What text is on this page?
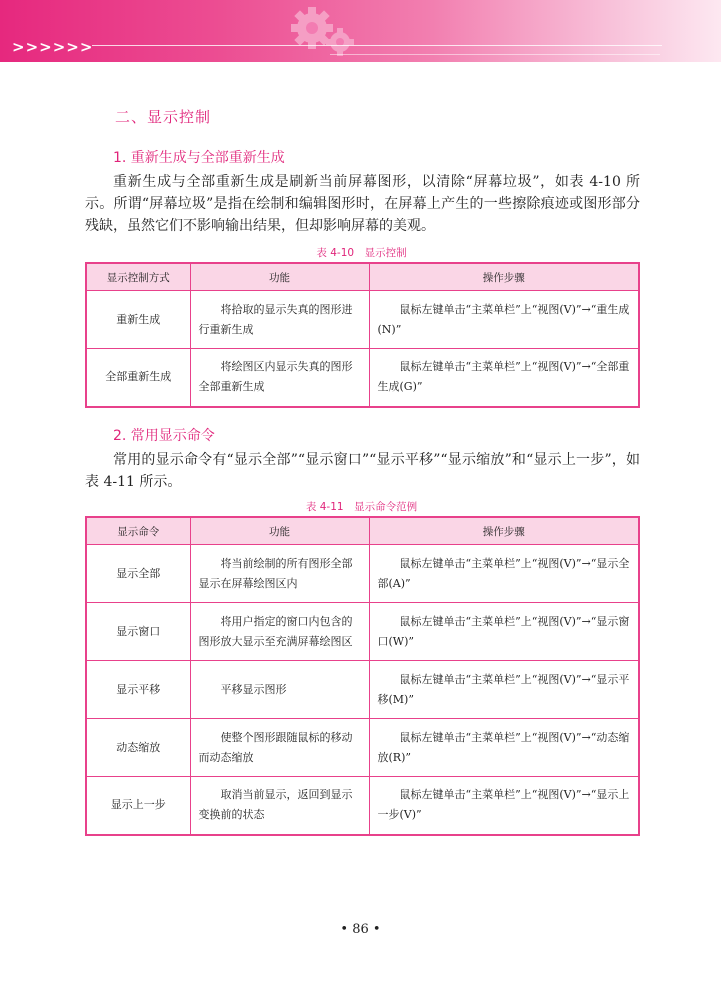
>>>>>>
二、显示控制
1. 重新生成与全部重新生成
重新生成与全部重新生成是刷新当前屏幕图形，以清除“屏幕垃圾”，如表 4-10 所示。所谓“屏幕垃圾”是指在绘制和编辑图形时，在屏幕上产生的一些擦除痕迹或图形部分残缺，虽然它们不影响输出结果，但却影响屏幕的美观。
表 4-10　显示控制
显示控制方式	功能	操作步骤
重新生成	将拾取的显示失真的图形进行重新生成	鼠标左键单击“主菜单栏”上“视图(V)”→“重生成(N)”
全部重新生成	将绘图区内显示失真的图形全部重新生成	鼠标左键单击“主菜单栏”上“视图(V)”→“全部重生成(G)”
2. 常用显示命令
常用的显示命令有“显示全部”“显示窗口”“显示平移”“显示缩放”和“显示上一步”，如表 4-11 所示。
表 4-11　显示命令范例
显示命令	功能	操作步骤
显示全部	将当前绘制的所有图形全部显示在屏幕绘图区内	鼠标左键单击“主菜单栏”上“视图(V)”→“显示全部(A)”
显示窗口	将用户指定的窗口内包含的图形放大显示至充满屏幕绘图区	鼠标左键单击“主菜单栏”上“视图(V)”→“显示窗口(W)”
显示平移	平移显示图形	鼠标左键单击“主菜单栏”上“视图(V)”→“显示平移(M)”
动态缩放	使整个图形跟随鼠标的移动而动态缩放	鼠标左键单击“主菜单栏”上“视图(V)”→“动态缩放(R)”
显示上一步	取消当前显示，返回到显示变换前的状态	鼠标左键单击“主菜单栏”上“视图(V)”→“显示上一步(V)”
• 86 •
